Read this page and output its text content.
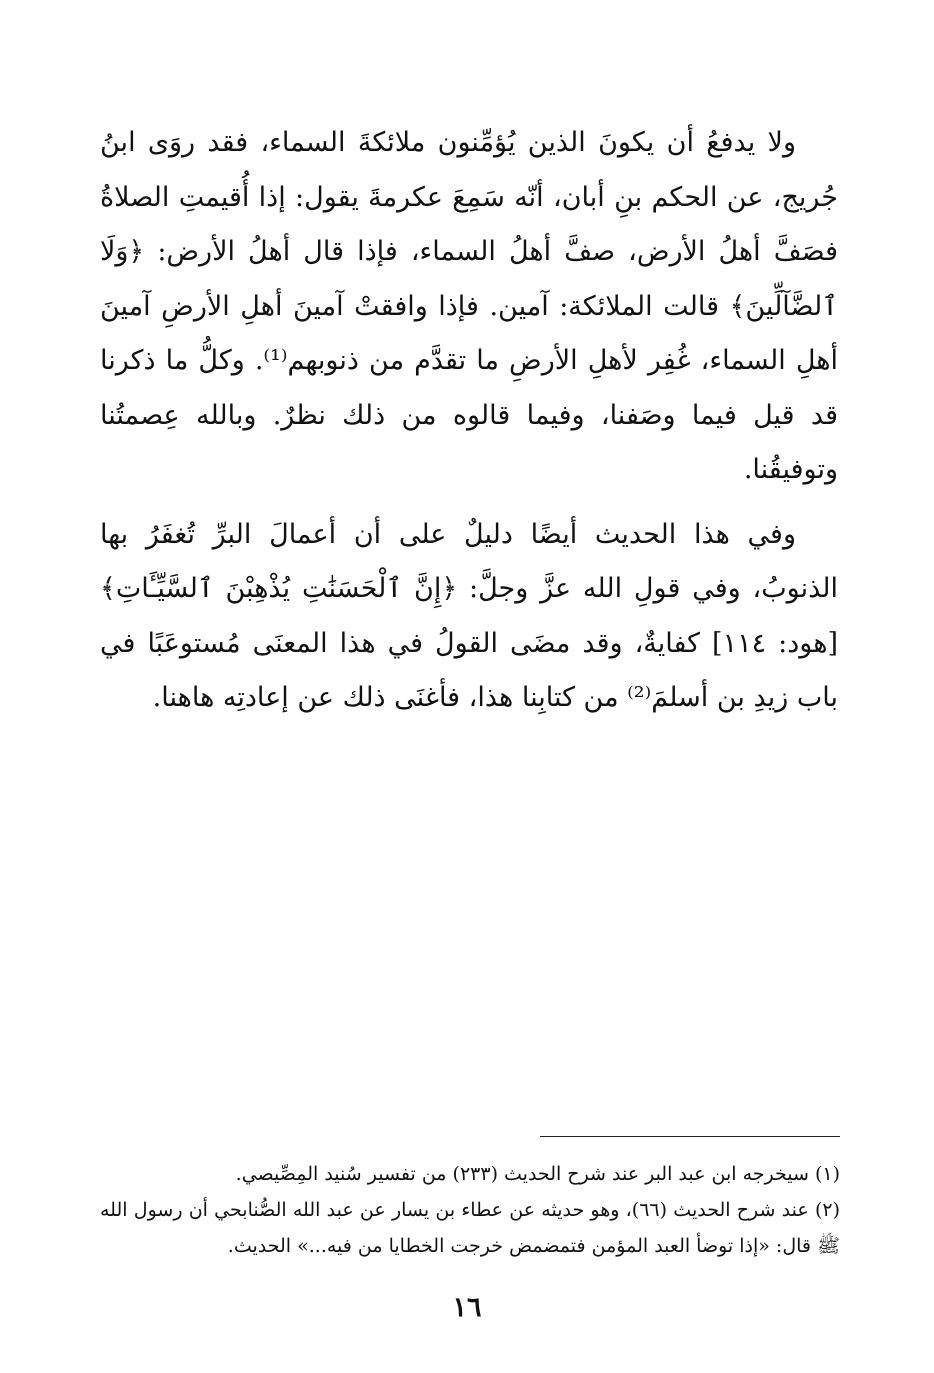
ولا يدفعُ أن يكونَ الذين يُؤمِّنون ملائكةَ السماء، فقد روَى ابنُ جُريج، عن الحكم بنِ أبان، أنّه سَمِعَ عكرمةَ يقول: إذا أُقيمتِ الصلاةُ فصَفَّ أهلُ الأرض، صفَّ أهلُ السماء، فإذا قال أهلُ الأرض: ﴿وَلَا ٱلضَّآلِّينَ﴾ قالت الملائكة: آمين. فإذا وافقتْ آمينَ أهلِ الأرضِ آمينَ أهلِ السماء، غُفِر لأهلِ الأرضِ ما تقدَّم من ذنوبهم⁽¹⁾. وكلُّ ما ذكرنا قد قيل فيما وصَفنا، وفيما قالوه من ذلك نظرٌ. وبالله عِصمتُنا وتوفيقُنا.

وفي هذا الحديث أيضًا دليلٌ على أن أعمالَ البرِّ تُغفَرُ بها الذنوبُ، وفي قولِ الله عزَّ وجلَّ: ﴿إِنَّ ٱلْحَسَنَٰتِ يُذْهِبْنَ ٱلسَّيِّـَٔاتِ﴾ [هود: ١١٤] كفايةٌ، وقد مضَى القولُ في هذا المعنَى مُستوعَبًا في باب زيدِ بن أسلمَ⁽²⁾ من كتابِنا هذا، فأغنَى ذلك عن إعادتِه هاهنا.

(١) سيخرجه ابن عبد البر عند شرح الحديث (٢٣٣) من تفسير سُنيد المِصِّيصي.

(٢) عند شرح الحديث (٦٦)، وهو حديثه عن عطاء بن يسار عن عبد الله الصُّنابحي أن رسول الله ﷺ قال: «إذا توضأ العبد المؤمن فتمضمض خرجت الخطايا من فيه...» الحديث.

١٦
